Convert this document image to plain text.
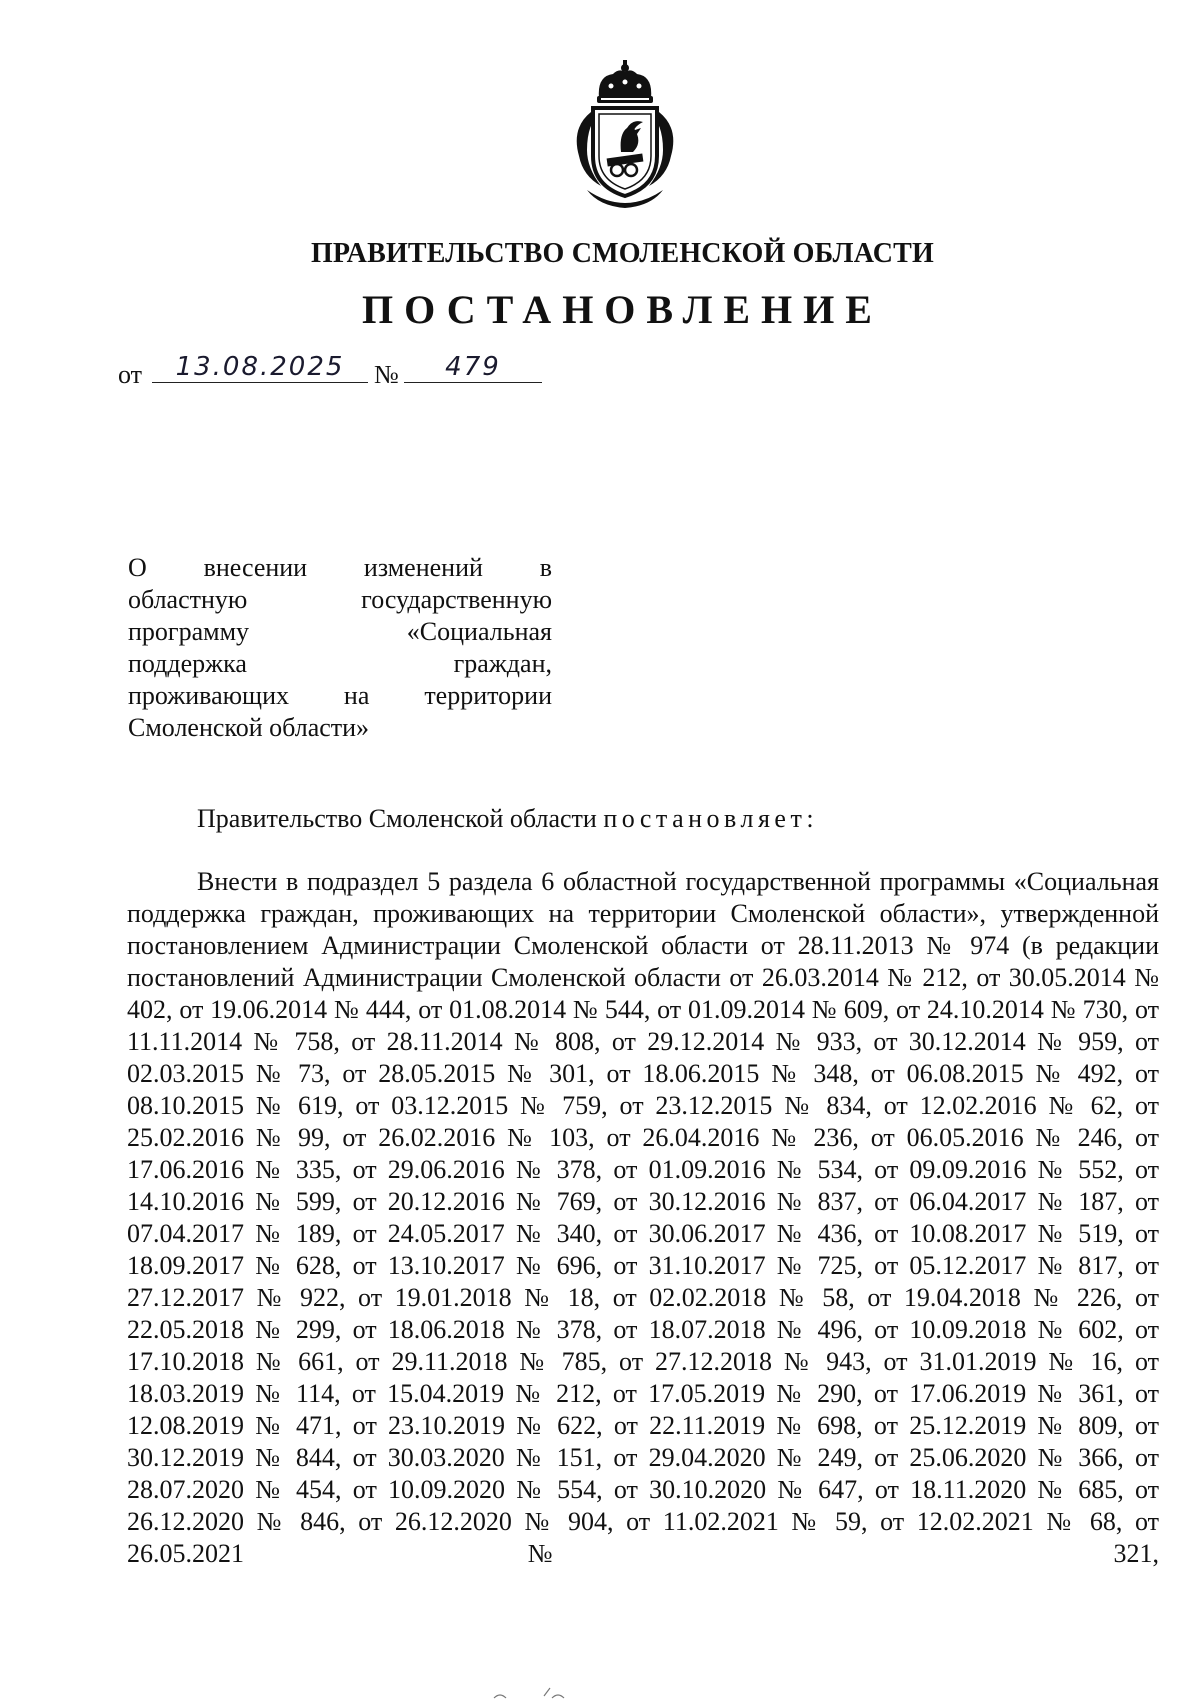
ПРАВИТЕЛЬСТВО СМОЛЕНСКОЙ ОБЛАСТИ
ПОСТАНОВЛЕНИЕ
от	13.08.2025	№	479
О внесении изменений в
областную государственную
программу «Социальная
поддержка граждан,
проживающих на территории
Смоленской области»
Правительство Смоленской области постановляет:
Внести в подраздел 5 раздела 6 областной государственной программы «Социальная поддержка граждан, проживающих на территории Смоленской области», утвержденной постановлением Администрации Смоленской области от 28.11.2013 № 974 (в редакции постановлений Администрации Смоленской области от 26.03.2014 № 212, от 30.05.2014 № 402, от 19.06.2014 № 444, от 01.08.2014 № 544, от 01.09.2014 № 609, от 24.10.2014 № 730, от 11.11.2014 № 758, от 28.11.2014 № 808, от 29.12.2014 № 933, от 30.12.2014 № 959, от 02.03.2015 № 73, от 28.05.2015 № 301, от 18.06.2015 № 348, от 06.08.2015 № 492, от 08.10.2015 № 619, от 03.12.2015 № 759, от 23.12.2015 № 834, от 12.02.2016 № 62, от 25.02.2016 № 99, от 26.02.2016 № 103, от 26.04.2016 № 236, от 06.05.2016 № 246, от 17.06.2016 № 335, от 29.06.2016 № 378, от 01.09.2016 № 534, от 09.09.2016 № 552, от 14.10.2016 № 599, от 20.12.2016 № 769, от 30.12.2016 № 837, от 06.04.2017 № 187, от 07.04.2017 № 189, от 24.05.2017 № 340, от 30.06.2017 № 436, от 10.08.2017 № 519, от 18.09.2017 № 628, от 13.10.2017 № 696, от 31.10.2017 № 725, от 05.12.2017 № 817, от 27.12.2017 № 922, от 19.01.2018 № 18, от 02.02.2018 № 58, от 19.04.2018 № 226, от 22.05.2018 № 299, от 18.06.2018 № 378, от 18.07.2018 № 496, от 10.09.2018 № 602, от 17.10.2018 № 661, от 29.11.2018 № 785, от 27.12.2018 № 943, от 31.01.2019 № 16, от 18.03.2019 № 114, от 15.04.2019 № 212, от 17.05.2019 № 290, от 17.06.2019 № 361, от 12.08.2019 № 471, от 23.10.2019 № 622, от 22.11.2019 № 698, от 25.12.2019 № 809, от 30.12.2019 № 844, от 30.03.2020 № 151, от 29.04.2020 № 249, от 25.06.2020 № 366, от 28.07.2020 № 454, от 10.09.2020 № 554, от 30.10.2020 № 647, от 18.11.2020 № 685, от 26.12.2020 № 846, от 26.12.2020 № 904, от 11.02.2021 № 59, от 12.02.2021 № 68, от 26.05.2021 № 321,
